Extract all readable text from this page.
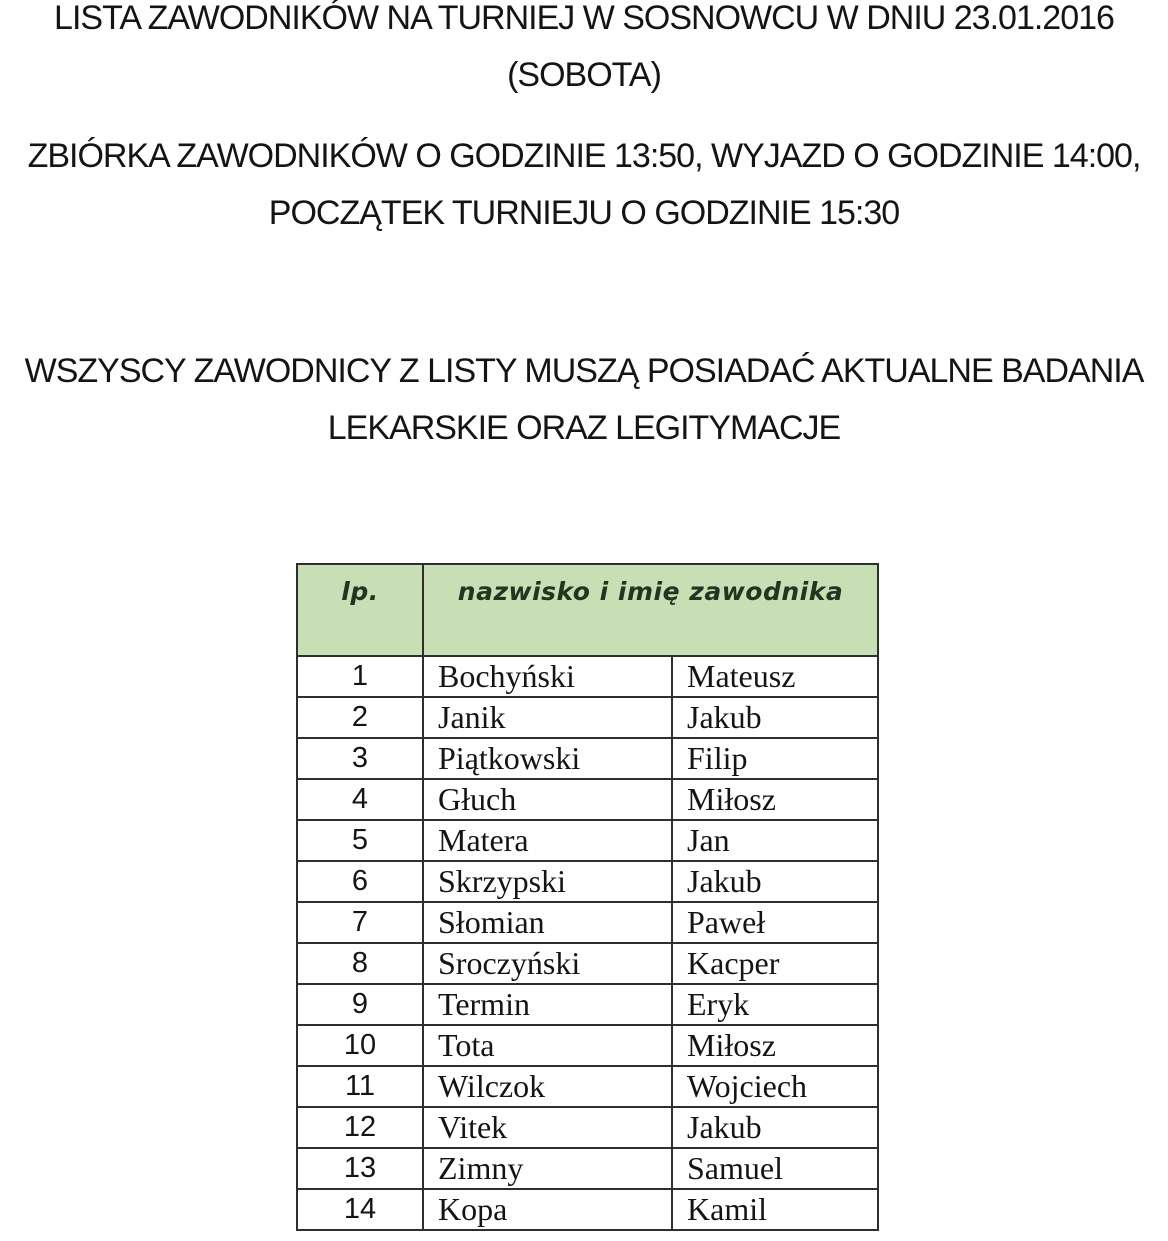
LISTA ZAWODNIKÓW NA TURNIEJ W SOSNOWCU W DNIU 23.01.2016
(SOBOTA)
ZBIÓRKA ZAWODNIKÓW O GODZINIE 13:50, WYJAZD O GODZINIE 14:00,
POCZĄTEK TURNIEJU O GODZINIE 15:30
WSZYSCY ZAWODNICY Z LISTY MUSZĄ POSIADAĆ AKTUALNE BADANIA
LEKARSKIE ORAZ LEGITYMACJE
lp.	nazwisko i imię zawodnika	
1	Bochyński	Mateusz
2	Janik	Jakub
3	Piątkowski	Filip
4	Głuch	Miłosz
5	Matera	Jan
6	Skrzypski	Jakub
7	Słomian	Paweł
8	Sroczyński	Kacper
9	Termin	Eryk
10	Tota	Miłosz
11	Wilczok	Wojciech
12	Vitek	Jakub
13	Zimny	Samuel
14	Kopa	Kamil
